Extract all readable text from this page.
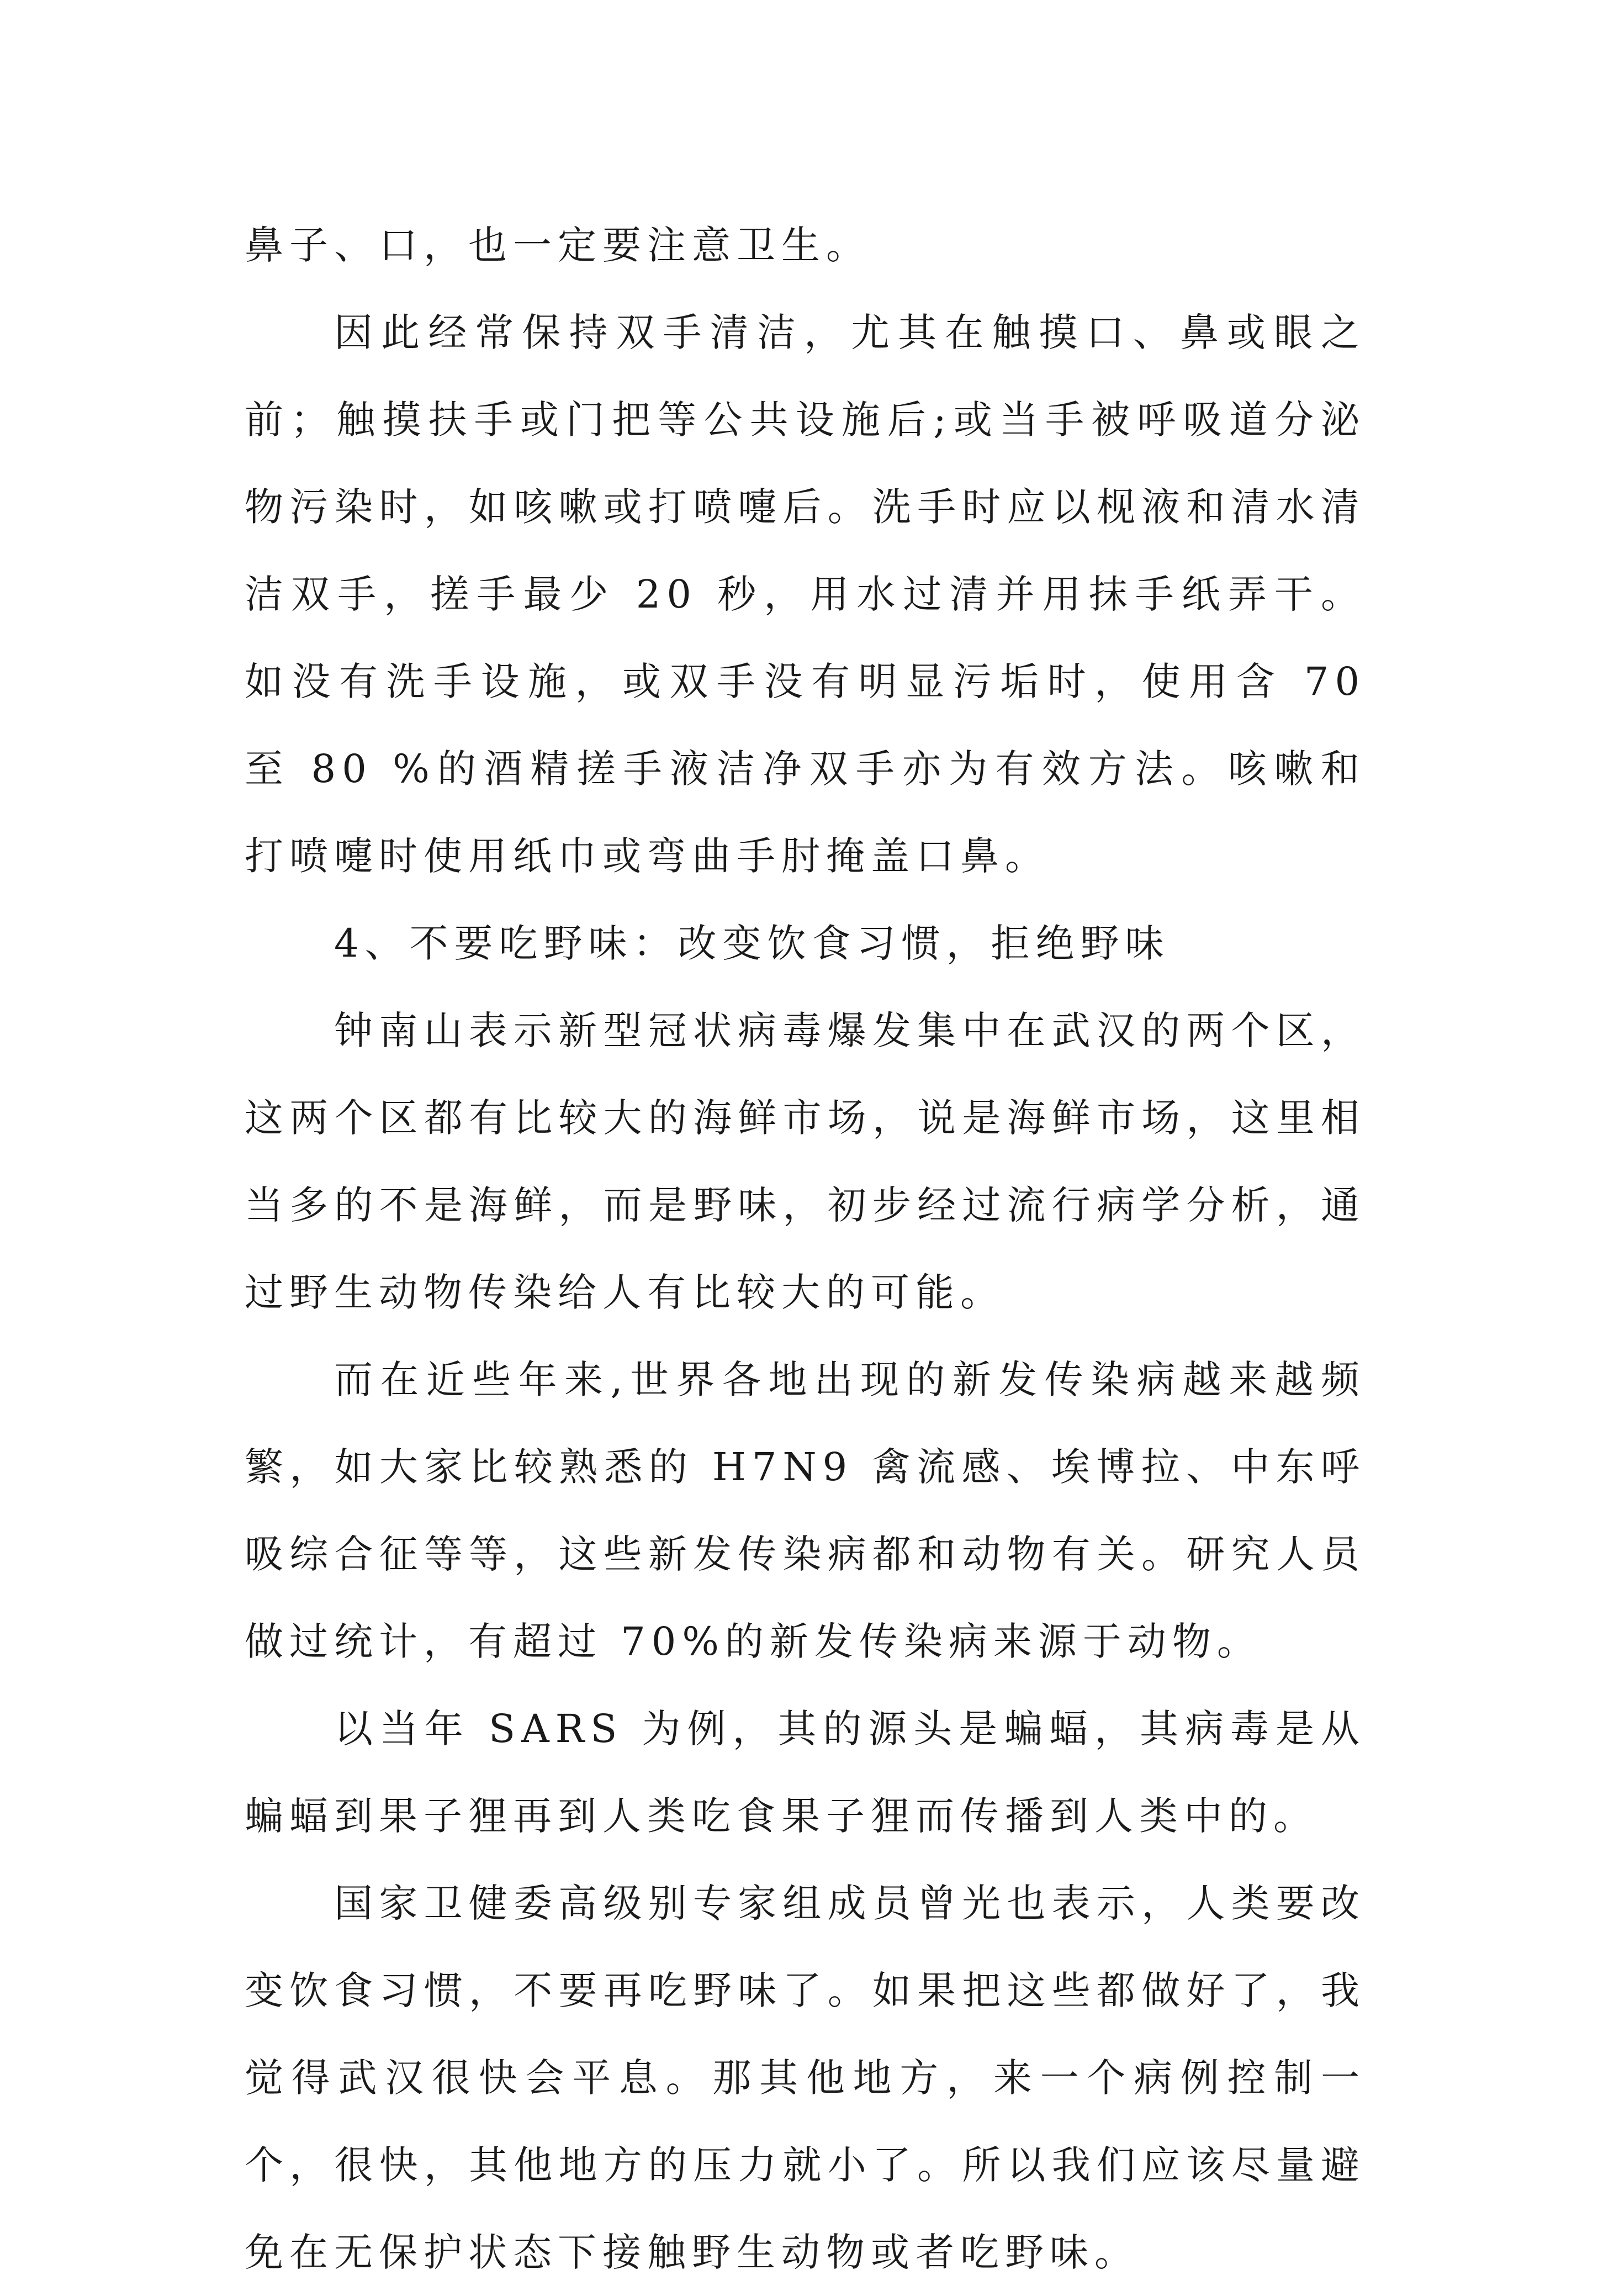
鼻子、口，也一定要注意卫生。

因此经常保持双手清洁，尤其在触摸口、鼻或眼之前；触摸扶手或门把等公共设施后;或当手被呼吸道分泌物污染时，如咳嗽或打喷嚏后。洗手时应以枧液和清水清洁双手，搓手最少 20 秒，用水过清并用抹手纸弄干。如没有洗手设施，或双手没有明显污垢时，使用含 70 至 80 %的酒精搓手液洁净双手亦为有效方法。咳嗽和打喷嚏时使用纸巾或弯曲手肘掩盖口鼻。

4、不要吃野味：改变饮食习惯，拒绝野味

钟南山表示新型冠状病毒爆发集中在武汉的两个区，这两个区都有比较大的海鲜市场，说是海鲜市场，这里相当多的不是海鲜，而是野味，初步经过流行病学分析，通过野生动物传染给人有比较大的可能。

而在近些年来,世界各地出现的新发传染病越来越频繁，如大家比较熟悉的 H7N9 禽流感、埃博拉、中东呼吸综合征等等，这些新发传染病都和动物有关。研究人员做过统计，有超过 70%的新发传染病来源于动物。

以当年 SARS 为例，其的源头是蝙蝠，其病毒是从蝙蝠到果子狸再到人类吃食果子狸而传播到人类中的。

国家卫健委高级别专家组成员曾光也表示，人类要改变饮食习惯，不要再吃野味了。如果把这些都做好了，我觉得武汉很快会平息。那其他地方，来一个病例控制一个，很快，其他地方的压力就小了。所以我们应该尽量避免在无保护状态下接触野生动物或者吃野味。
